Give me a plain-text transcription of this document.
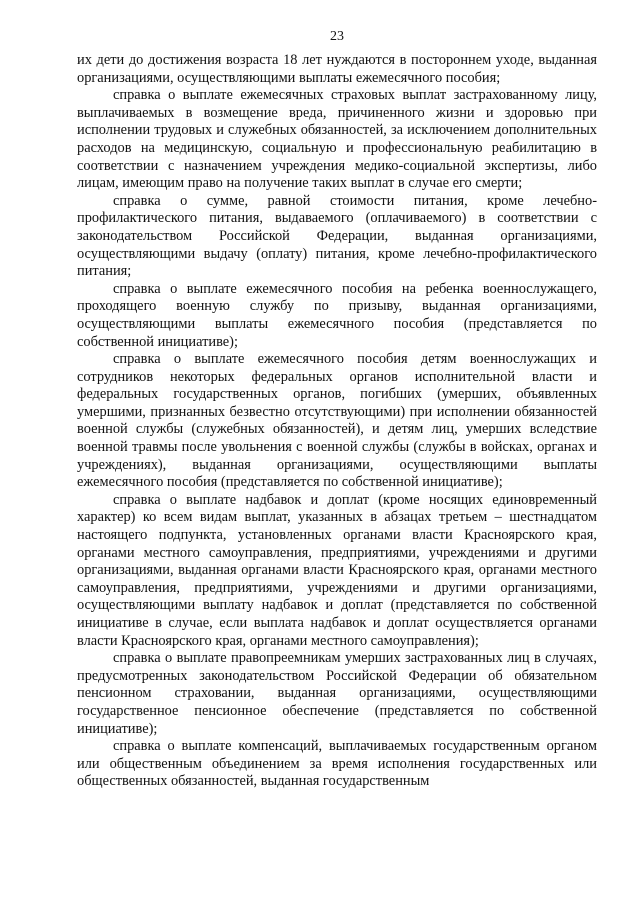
23

их дети до достижения возраста 18 лет нуждаются в постороннем уходе, выданная организациями, осуществляющими выплаты ежемесячного пособия;

справка о выплате ежемесячных страховых выплат застрахованному лицу, выплачиваемых в возмещение вреда, причиненного жизни и здоровью при исполнении трудовых и служебных обязанностей, за исключением дополнительных расходов на медицинскую, социальную и профессиональную реабилитацию в соответствии с назначением учреждения медико-социальной экспертизы, либо лицам, имеющим право на получение таких выплат в случае его смерти;

справка о сумме, равной стоимости питания, кроме лечебно-профилактического питания, выдаваемого (оплачиваемого) в соответствии с законодательством Российской Федерации, выданная организациями, осуществляющими выдачу (оплату) питания, кроме лечебно-профилактического питания;

справка о выплате ежемесячного пособия на ребенка военнослужащего, проходящего военную службу по призыву, выданная организациями, осуществляющими выплаты ежемесячного пособия (представляется по собственной инициативе);

справка о выплате ежемесячного пособия детям военнослужащих и сотрудников некоторых федеральных органов исполнительной власти и федеральных государственных органов, погибших (умерших, объявленных умершими, признанных безвестно отсутствующими) при исполнении обязанностей военной службы (служебных обязанностей), и детям лиц, умерших вследствие военной травмы после увольнения с военной службы (службы в войсках, органах и учреждениях), выданная организациями, осуществляющими выплаты ежемесячного пособия (представляется по собственной инициативе);

справка о выплате надбавок и доплат (кроме носящих единовременный характер) ко всем видам выплат, указанных в абзацах третьем – шестнадцатом настоящего подпункта, установленных органами власти Красноярского края, органами местного самоуправления, предприятиями, учреждениями и другими организациями, выданная органами власти Красноярского края, органами местного самоуправления, предприятиями, учреждениями и другими организациями, осуществляющими выплату надбавок и доплат (представляется по собственной инициативе в случае, если выплата надбавок и доплат осуществляется органами власти Красноярского края, органами местного самоуправления);

справка о выплате правопреемникам умерших застрахованных лиц в случаях, предусмотренных законодательством Российской Федерации об обязательном пенсионном страховании, выданная организациями, осуществляющими государственное пенсионное обеспечение (представляется по собственной инициативе);

справка о выплате компенсаций, выплачиваемых государственным органом или общественным объединением за время исполнения государственных или общественных обязанностей, выданная государственным
